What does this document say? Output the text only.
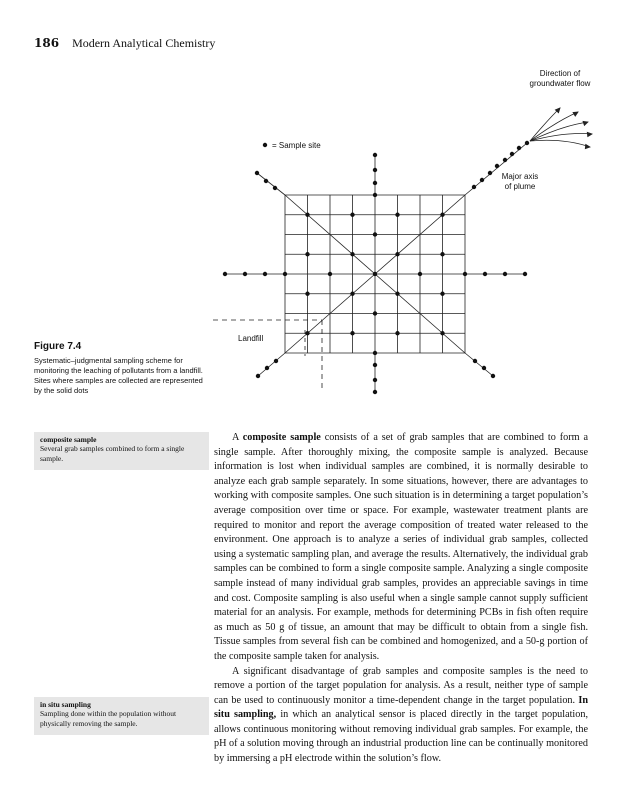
186 Modern Analytical Chemistry
Direction of
groundwater flow
= Sample site
Major axis
of plume
Landfill
Figure 7.4
Systematic–judgmental sampling scheme for monitoring the leaching of pollutants from a landfill. Sites where samples are collected are represented by the solid dots
composite sample
Several grab samples combined to form a single sample.
in situ sampling
Sampling done within the population without physically removing the sample.

A composite sample consists of a set of grab samples that are combined to form a single sample. After thoroughly mixing, the composite sample is analyzed. Because information is lost when individual samples are combined, it is normally desirable to analyze each grab sample separately. In some situations, however, there are advantages to working with composite samples. One such situation is in determining a target population’s average composition over time or space. For example, wastewater treatment plants are required to monitor and report the average composition of treated water released to the environment. One approach is to analyze a series of individual grab samples, collected using a systematic sampling plan, and average the results. Alternatively, the individual grab samples can be combined to form a single composite sample. Analyzing a single composite sample instead of many individual grab samples, provides an appreciable savings in time and cost. Composite sampling is also useful when a single sample cannot supply sufficient material for an analysis. For example, methods for determining PCBs in fish often require as much as 50 g of tissue, an amount that may be difficult to obtain from a single fish. Tissue samples from several fish can be combined and homogenized, and a 50-g portion of the composite sample taken for analysis.

A significant disadvantage of grab samples and composite samples is the need to remove a portion of the target population for analysis. As a result, neither type of sample can be used to continuously monitor a time-dependent change in the target population. In situ sampling, in which an analytical sensor is placed directly in the target population, allows continuous monitoring without removing individual grab samples. For example, the pH of a solution moving through an industrial production line can be continually monitored by immersing a pH electrode within the solution’s flow.
